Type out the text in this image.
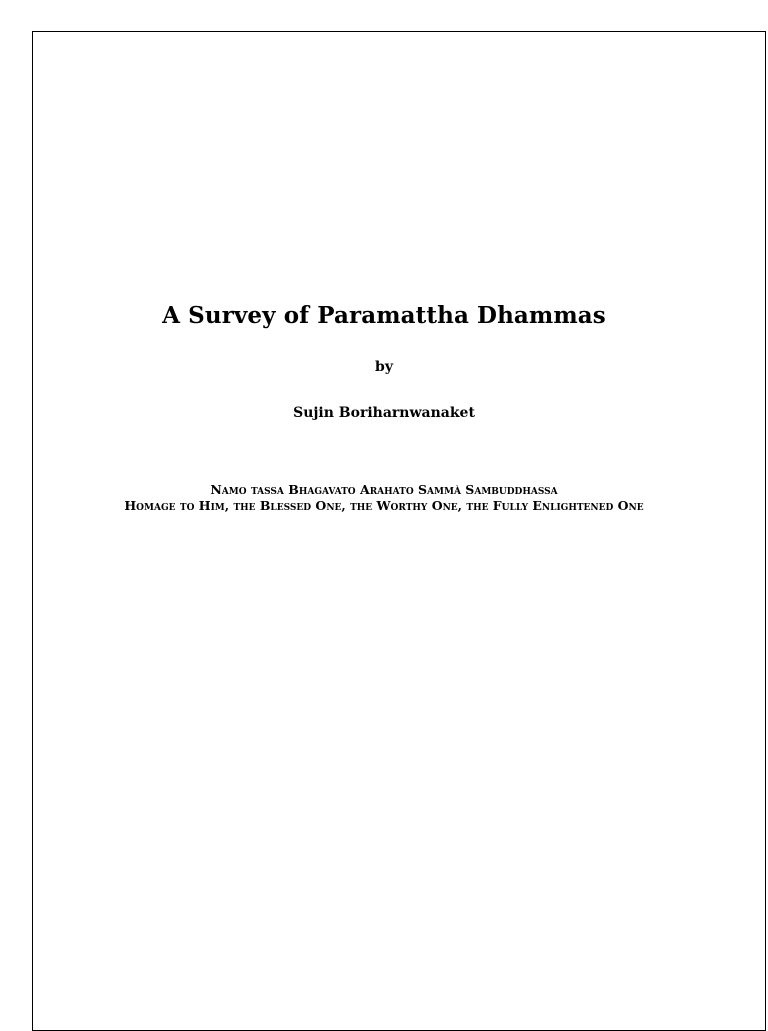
A Survey of Paramattha Dhammas

by

Sujin Boriharnwanaket

Namo tassa Bhagavato Arahato Sammà Sambuddhassa

Homage to Him, the Blessed One, the Worthy One, the Fully Enlightened One
